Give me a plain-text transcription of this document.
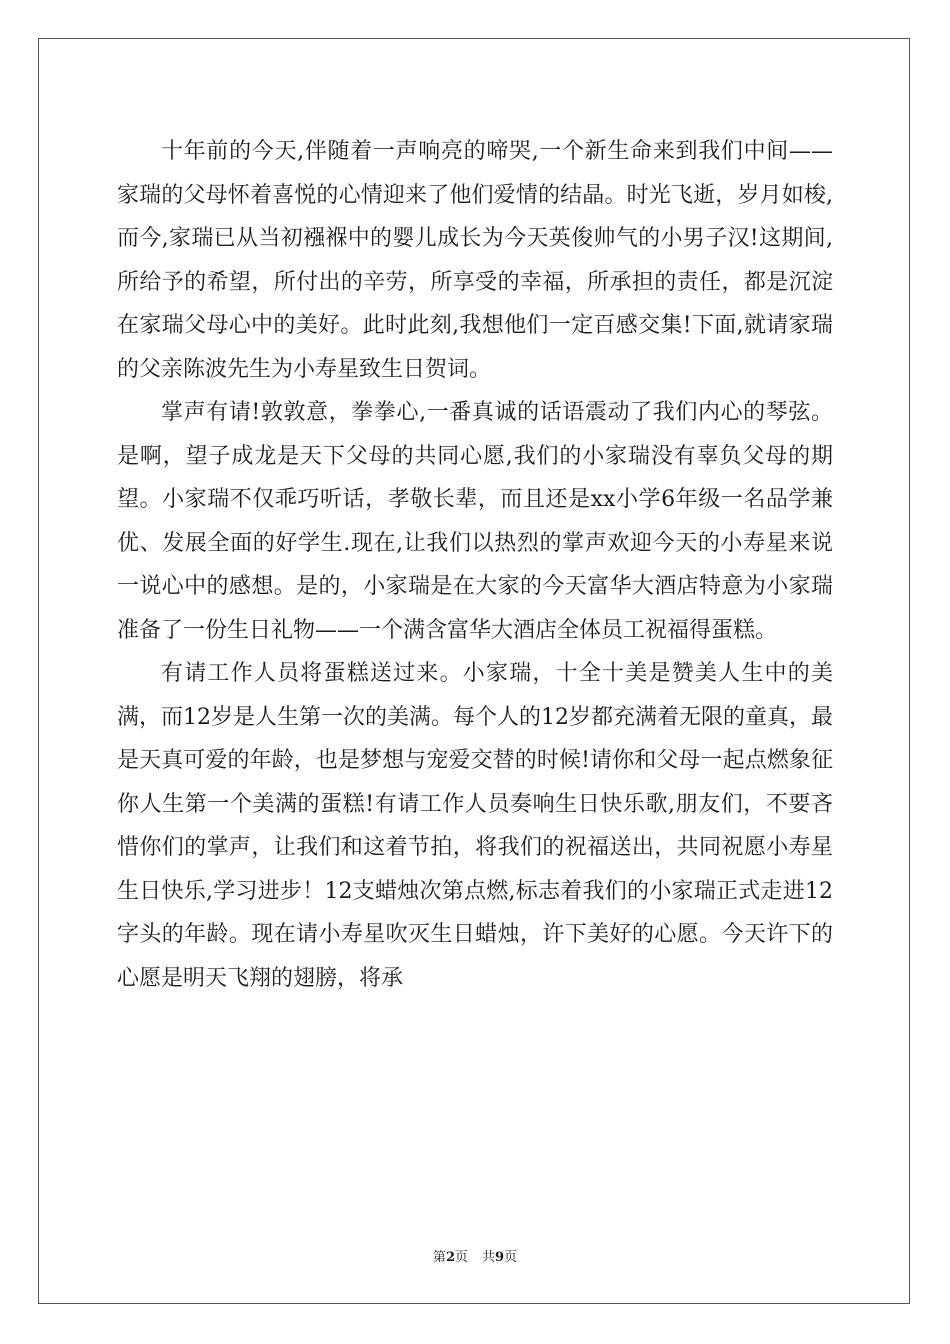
十年前的今天,伴随着一声响亮的啼哭,一个新生命来到我们中间——家瑞的父母怀着喜悦的心情迎来了他们爱情的结晶。时光飞逝，岁月如梭,而今,家瑞已从当初襁褓中的婴儿成长为今天英俊帅气的小男子汉!这期间,所给予的希望，所付出的辛劳，所享受的幸福，所承担的责任，都是沉淀在家瑞父母心中的美好。此时此刻,我想他们一定百感交集!下面,就请家瑞的父亲陈波先生为小寿星致生日贺词。

掌声有请!敦敦意，拳拳心,一番真诚的话语震动了我们内心的琴弦。是啊，望子成龙是天下父母的共同心愿,我们的小家瑞没有辜负父母的期望。小家瑞不仅乖巧听话，孝敬长辈，而且还是xx小学6年级一名品学兼优、发展全面的好学生.现在,让我们以热烈的掌声欢迎今天的小寿星来说一说心中的感想。是的，小家瑞是在大家的今天富华大酒店特意为小家瑞准备了一份生日礼物——一个满含富华大酒店全体员工祝福得蛋糕。

有请工作人员将蛋糕送过来。小家瑞，十全十美是赞美人生中的美满，而12岁是人生第一次的美满。每个人的12岁都充满着无限的童真，最是天真可爱的年龄，也是梦想与宠爱交替的时候!请你和父母一起点燃象征你人生第一个美满的蛋糕!有请工作人员奏响生日快乐歌,朋友们，不要吝惜你们的掌声，让我们和这着节拍，将我们的祝福送出，共同祝愿小寿星生日快乐,学习进步！12支蜡烛次第点燃,标志着我们的小家瑞正式走进12字头的年龄。现在请小寿星吹灭生日蜡烛，许下美好的心愿。今天许下的心愿是明天飞翔的翅膀，将承

第2页 共9页
